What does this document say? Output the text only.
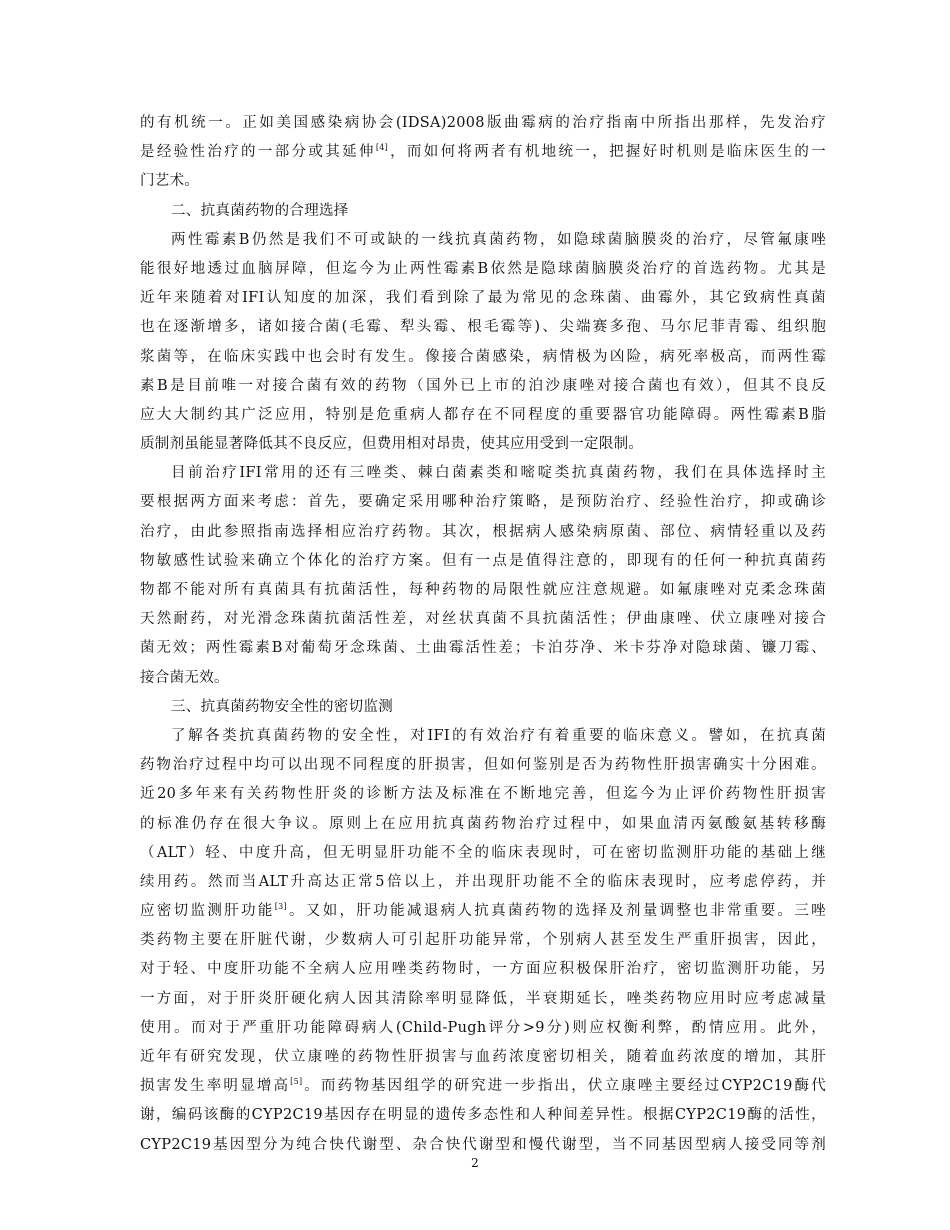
的有机统一。正如美国感染病协会(IDSA)2008版曲霉病的治疗指南中所指出那样，先发治疗
是经验性治疗的一部分或其延伸[4]，而如何将两者有机地统一，把握好时机则是临床医生的一
门艺术。
二、抗真菌药物的合理选择
两性霉素B仍然是我们不可或缺的一线抗真菌药物，如隐球菌脑膜炎的治疗，尽管氟康唑
能很好地透过血脑屏障，但迄今为止两性霉素B依然是隐球菌脑膜炎治疗的首选药物。尤其是
近年来随着对IFI认知度的加深，我们看到除了最为常见的念珠菌、曲霉外，其它致病性真菌
也在逐渐增多，诸如接合菌(毛霉、犁头霉、根毛霉等)、尖端赛多孢、马尔尼菲青霉、组织胞
浆菌等，在临床实践中也会时有发生。像接合菌感染，病情极为凶险，病死率极高，而两性霉
素B是目前唯一对接合菌有效的药物（国外已上市的泊沙康唑对接合菌也有效），但其不良反
应大大制约其广泛应用，特别是危重病人都存在不同程度的重要器官功能障碍。两性霉素B脂
质制剂虽能显著降低其不良反应，但费用相对昂贵，使其应用受到一定限制。
目前治疗IFI常用的还有三唑类、棘白菌素类和嘧啶类抗真菌药物，我们在具体选择时主
要根据两方面来考虑：首先，要确定采用哪种治疗策略，是预防治疗、经验性治疗，抑或确诊
治疗，由此参照指南选择相应治疗药物。其次，根据病人感染病原菌、部位、病情轻重以及药
物敏感性试验来确立个体化的治疗方案。但有一点是值得注意的，即现有的任何一种抗真菌药
物都不能对所有真菌具有抗菌活性，每种药物的局限性就应注意规避。如氟康唑对克柔念珠菌
天然耐药，对光滑念珠菌抗菌活性差，对丝状真菌不具抗菌活性；伊曲康唑、伏立康唑对接合
菌无效；两性霉素B对葡萄牙念珠菌、土曲霉活性差；卡泊芬净、米卡芬净对隐球菌、镰刀霉、
接合菌无效。
三、抗真菌药物安全性的密切监测
了解各类抗真菌药物的安全性，对IFI的有效治疗有着重要的临床意义。譬如，在抗真菌
药物治疗过程中均可以出现不同程度的肝损害，但如何鉴别是否为药物性肝损害确实十分困难。
近20多年来有关药物性肝炎的诊断方法及标准在不断地完善，但迄今为止评价药物性肝损害
的标准仍存在很大争议。原则上在应用抗真菌药物治疗过程中，如果血清丙氨酸氨基转移酶
（ALT）轻、中度升高，但无明显肝功能不全的临床表现时，可在密切监测肝功能的基础上继
续用药。然而当ALT升高达正常5倍以上，并出现肝功能不全的临床表现时，应考虑停药，并
应密切监测肝功能[3]。又如，肝功能减退病人抗真菌药物的选择及剂量调整也非常重要。三唑
类药物主要在肝脏代谢，少数病人可引起肝功能异常，个别病人甚至发生严重肝损害，因此，
对于轻、中度肝功能不全病人应用唑类药物时，一方面应积极保肝治疗，密切监测肝功能，另
一方面，对于肝炎肝硬化病人因其清除率明显降低，半衰期延长，唑类药物应用时应考虑减量
使用。而对于严重肝功能障碍病人(Child-Pugh评分>9分)则应权衡利弊，酌情应用。此外，
近年有研究发现，伏立康唑的药物性肝损害与血药浓度密切相关，随着血药浓度的增加，其肝
损害发生率明显增高[5]。而药物基因组学的研究进一步指出，伏立康唑主要经过CYP2C19酶代
谢，编码该酶的CYP2C19基因存在明显的遗传多态性和人种间差异性。根据CYP2C19酶的活性，
CYP2C19基因型分为纯合快代谢型、杂合快代谢型和慢代谢型，当不同基因型病人接受同等剂
2
